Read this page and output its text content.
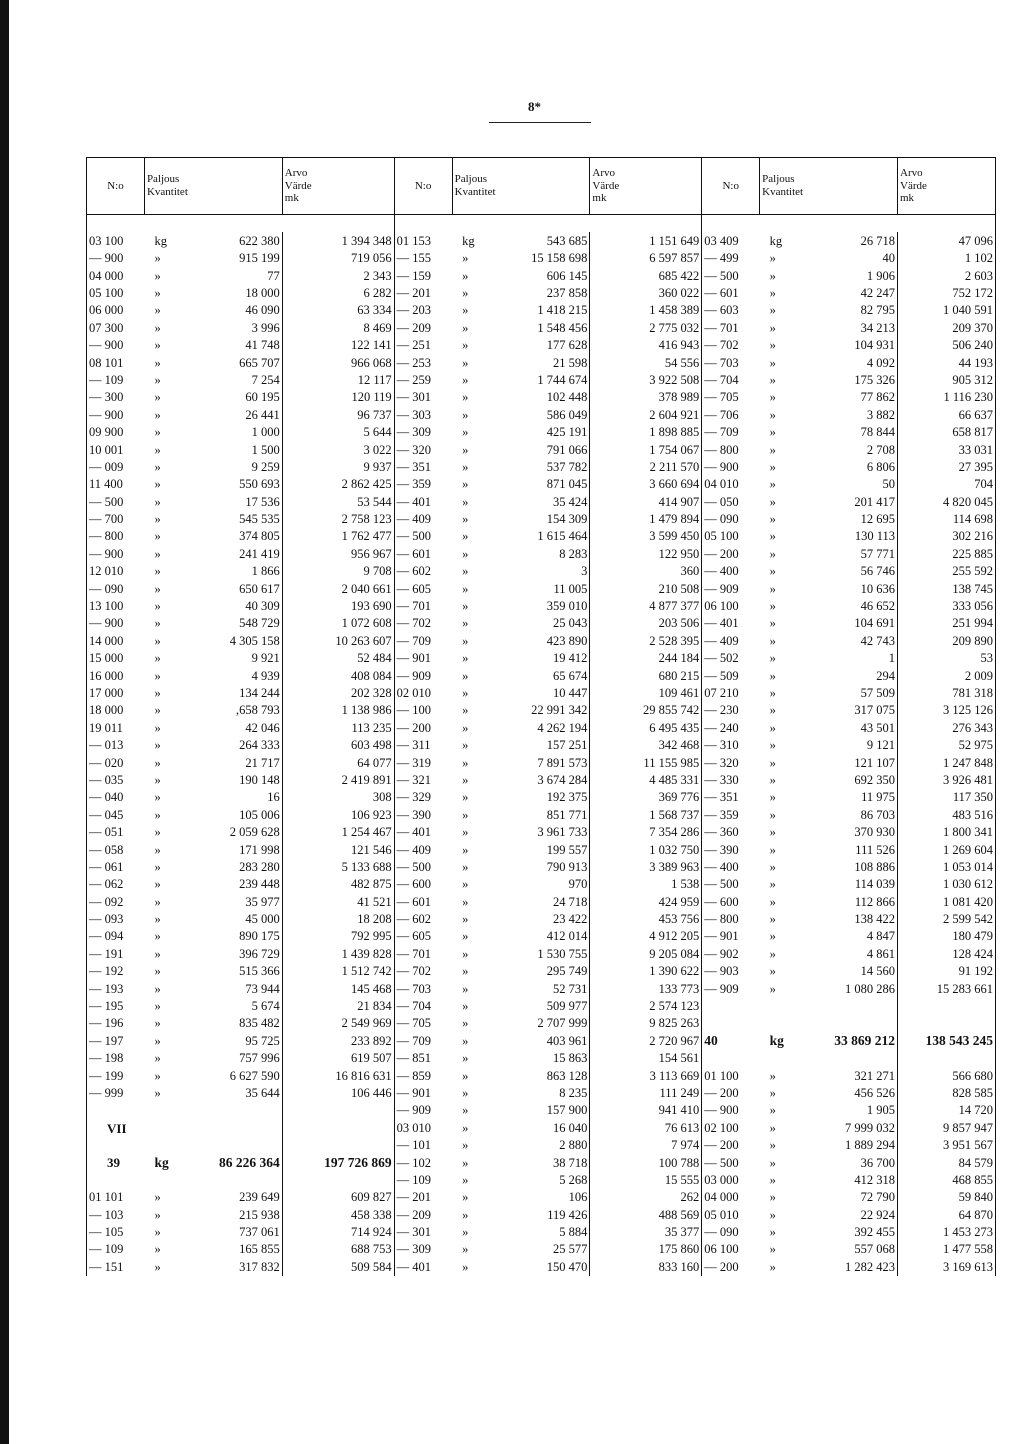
8*
N:o	Paljous
Kvantitet		Arvo
Värde
mk	N:o	Paljous
Kvantitet		Arvo
Värde
mk	N:o	Paljous
Kvantitet		Arvo
Värde
mk

03 100	kg	622 380	1 394 348	01 153	kg	543 685	1 151 649	03 409	kg	26 718	47 096
— 900	»	915 199	719 056	— 155	»	15 158 698	6 597 857	— 499	»	40	1 102
04 000	»	77	2 343	— 159	»	606 145	685 422	— 500	»	1 906	2 603
05 100	»	18 000	6 282	— 201	»	237 858	360 022	— 601	»	42 247	752 172
06 000	»	46 090	63 334	— 203	»	1 418 215	1 458 389	— 603	»	82 795	1 040 591
07 300	»	3 996	8 469	— 209	»	1 548 456	2 775 032	— 701	»	34 213	209 370
— 900	»	41 748	122 141	— 251	»	177 628	416 943	— 702	»	104 931	506 240
08 101	»	665 707	966 068	— 253	»	21 598	54 556	— 703	»	4 092	44 193
— 109	»	7 254	12 117	— 259	»	1 744 674	3 922 508	— 704	»	175 326	905 312
— 300	»	60 195	120 119	— 301	»	102 448	378 989	— 705	»	77 862	1 116 230
— 900	»	26 441	96 737	— 303	»	586 049	2 604 921	— 706	»	3 882	66 637
09 900	»	1 000	5 644	— 309	»	425 191	1 898 885	— 709	»	78 844	658 817
10 001	»	1 500	3 022	— 320	»	791 066	1 754 067	— 800	»	2 708	33 031
— 009	»	9 259	9 937	— 351	»	537 782	2 211 570	— 900	»	6 806	27 395
11 400	»	550 693	2 862 425	— 359	»	871 045	3 660 694	04 010	»	50	704
— 500	»	17 536	53 544	— 401	»	35 424	414 907	— 050	»	201 417	4 820 045
— 700	»	545 535	2 758 123	— 409	»	154 309	1 479 894	— 090	»	12 695	114 698
— 800	»	374 805	1 762 477	— 500	»	1 615 464	3 599 450	05 100	»	130 113	302 216
— 900	»	241 419	956 967	— 601	»	8 283	122 950	— 200	»	57 771	225 885
12 010	»	1 866	9 708	— 602	»	3	360	— 400	»	56 746	255 592
— 090	»	650 617	2 040 661	— 605	»	11 005	210 508	— 909	»	10 636	138 745
13 100	»	40 309	193 690	— 701	»	359 010	4 877 377	06 100	»	46 652	333 056
— 900	»	548 729	1 072 608	— 702	»	25 043	203 506	— 401	»	104 691	251 994
14 000	»	4 305 158	10 263 607	— 709	»	423 890	2 528 395	— 409	»	42 743	209 890
15 000	»	9 921	52 484	— 901	»	19 412	244 184	— 502	»	1	53
16 000	»	4 939	408 084	— 909	»	65 674	680 215	— 509	»	294	2 009
17 000	»	134 244	202 328	02 010	»	10 447	109 461	07 210	»	57 509	781 318
18 000	»	,658 793	1 138 986	— 100	»	22 991 342	29 855 742	— 230	»	317 075	3 125 126
19 011	»	42 046	113 235	— 200	»	4 262 194	6 495 435	— 240	»	43 501	276 343
— 013	»	264 333	603 498	— 311	»	157 251	342 468	— 310	»	9 121	52 975
— 020	»	21 717	64 077	— 319	»	7 891 573	11 155 985	— 320	»	121 107	1 247 848
— 035	»	190 148	2 419 891	— 321	»	3 674 284	4 485 331	— 330	»	692 350	3 926 481
— 040	»	16	308	— 329	»	192 375	369 776	— 351	»	11 975	117 350
— 045	»	105 006	106 923	— 390	»	851 771	1 568 737	— 359	»	86 703	483 516
— 051	»	2 059 628	1 254 467	— 401	»	3 961 733	7 354 286	— 360	»	370 930	1 800 341
— 058	»	171 998	121 546	— 409	»	199 557	1 032 750	— 390	»	111 526	1 269 604
— 061	»	283 280	5 133 688	— 500	»	790 913	3 389 963	— 400	»	108 886	1 053 014
— 062	»	239 448	482 875	— 600	»	970	1 538	— 500	»	114 039	1 030 612
— 092	»	35 977	41 521	— 601	»	24 718	424 959	— 600	»	112 866	1 081 420
— 093	»	45 000	18 208	— 602	»	23 422	453 756	— 800	»	138 422	2 599 542
— 094	»	890 175	792 995	— 605	»	412 014	4 912 205	— 901	»	4 847	180 479
— 191	»	396 729	1 439 828	— 701	»	1 530 755	9 205 084	— 902	»	4 861	128 424
— 192	»	515 366	1 512 742	— 702	»	295 749	1 390 622	— 903	»	14 560	91 192
— 193	»	73 944	145 468	— 703	»	52 731	133 773	— 909	»	1 080 286	15 283 661
— 195	»	5 674	21 834	— 704	»	509 977	2 574 123				
— 196	»	835 482	2 549 969	— 705	»	2 707 999	9 825 263				
— 197	»	95 725	233 892	— 709	»	403 961	2 720 967	40	kg	33 869 212	138 543 245
— 198	»	757 996	619 507	— 851	»	15 863	154 561				
— 199	»	6 627 590	16 816 631	— 859	»	863 128	3 113 669	01 100	»	321 271	566 680
— 999	»	35 644	106 446	— 901	»	8 235	111 249	— 200	»	456 526	828 585
				— 909	»	157 900	941 410	— 900	»	1 905	14 720
VII				03 010	»	16 040	76 613	02 100	»	7 999 032	9 857 947
				— 101	»	2 880	7 974	— 200	»	1 889 294	3 951 567
39	kg	86 226 364	197 726 869	— 102	»	38 718	100 788	— 500	»	36 700	84 579
				— 109	»	5 268	15 555	03 000	»	412 318	468 855
01 101	»	239 649	609 827	— 201	»	106	262	04 000	»	72 790	59 840
— 103	»	215 938	458 338	— 209	»	119 426	488 569	05 010	»	22 924	64 870
— 105	»	737 061	714 924	— 301	»	5 884	35 377	— 090	»	392 455	1 453 273
— 109	»	165 855	688 753	— 309	»	25 577	175 860	06 100	»	557 068	1 477 558
— 151	»	317 832	509 584	— 401	»	150 470	833 160	— 200	»	1 282 423	3 169 613
